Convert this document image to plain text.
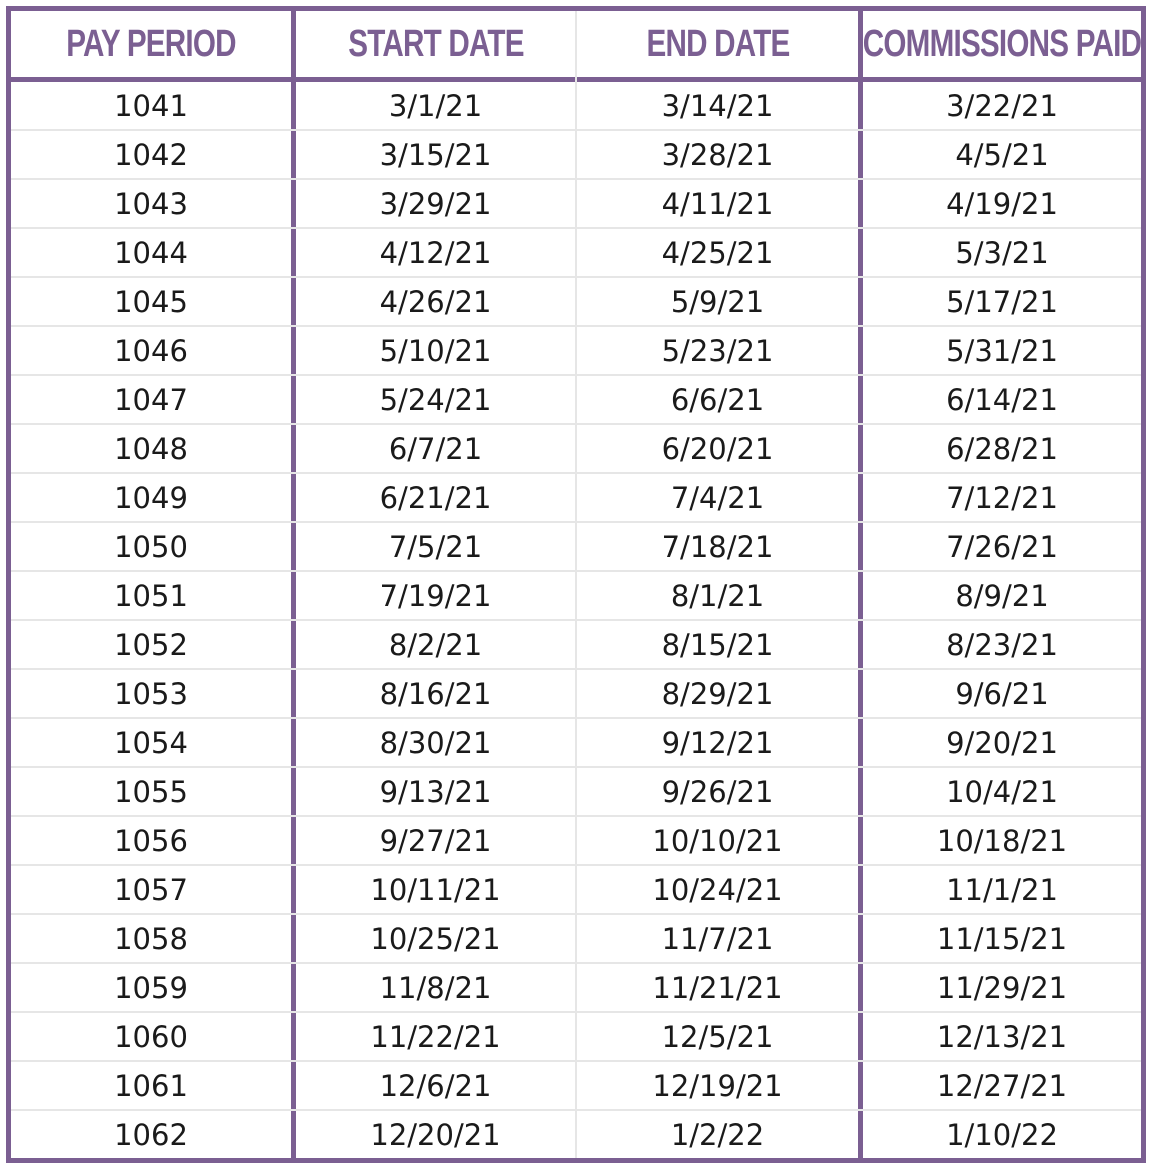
PAY PERIOD	START DATE	END DATE	COMMISSIONS PAID
1041	3/1/21	3/14/21	3/22/21
1042	3/15/21	3/28/21	4/5/21
1043	3/29/21	4/11/21	4/19/21
1044	4/12/21	4/25/21	5/3/21
1045	4/26/21	5/9/21	5/17/21
1046	5/10/21	5/23/21	5/31/21
1047	5/24/21	6/6/21	6/14/21
1048	6/7/21	6/20/21	6/28/21
1049	6/21/21	7/4/21	7/12/21
1050	7/5/21	7/18/21	7/26/21
1051	7/19/21	8/1/21	8/9/21
1052	8/2/21	8/15/21	8/23/21
1053	8/16/21	8/29/21	9/6/21
1054	8/30/21	9/12/21	9/20/21
1055	9/13/21	9/26/21	10/4/21
1056	9/27/21	10/10/21	10/18/21
1057	10/11/21	10/24/21	11/1/21
1058	10/25/21	11/7/21	11/15/21
1059	11/8/21	11/21/21	11/29/21
1060	11/22/21	12/5/21	12/13/21
1061	12/6/21	12/19/21	12/27/21
1062	12/20/21	1/2/22	1/10/22
